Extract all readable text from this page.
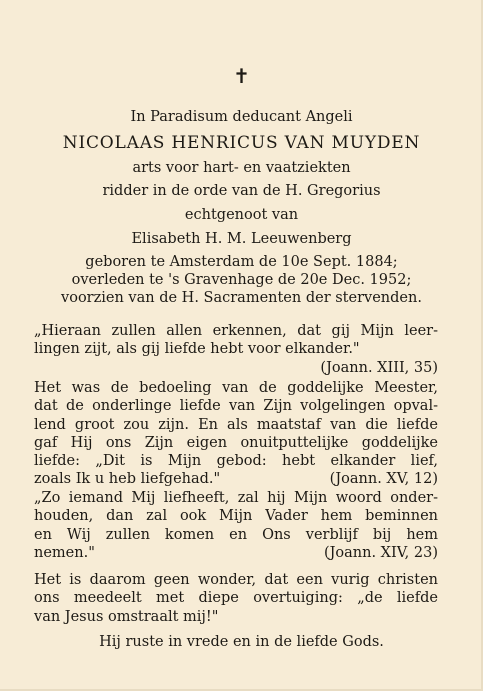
✝
In Paradisum deducant Angeli
NICOLAAS HENRICUS VAN MUYDEN
arts voor hart- en vaatziekten
ridder in de orde van de H. Gregorius
echtgenoot van
Elisabeth H. M. Leeuwenberg
geboren te Amsterdam de 10e Sept. 1884;
overleden te 's Gravenhage de 20e Dec. 1952;
voorzien van de H. Sacramenten der stervenden.
„Hieraan zullen allen erkennen, dat gij Mijn leer-
lingen zijt, als gij liefde hebt voor elkander."
(Joann. XIII, 35)
Het was de bedoeling van de goddelijke Meester,
dat de onderlinge liefde van Zijn volgelingen opval-
lend groot zou zijn. En als maatstaf van die liefde
gaf Hij ons Zijn eigen onuitputtelijke goddelijke
liefde: „Dit is Mijn gebod: hebt elkander lief,
zoals Ik u heb liefgehad."	(Joann. XV, 12)
„Zo iemand Mij liefheeft, zal hij Mijn woord onder-
houden, dan zal ook Mijn Vader hem beminnen
en Wij zullen komen en Ons verblijf bij hem
nemen."	(Joann. XIV, 23)
Het is daarom geen wonder, dat een vurig christen
ons meedeelt met diepe overtuiging: „de liefde
van Jesus omstraalt mij!"
Hij ruste in vrede en in de liefde Gods.
